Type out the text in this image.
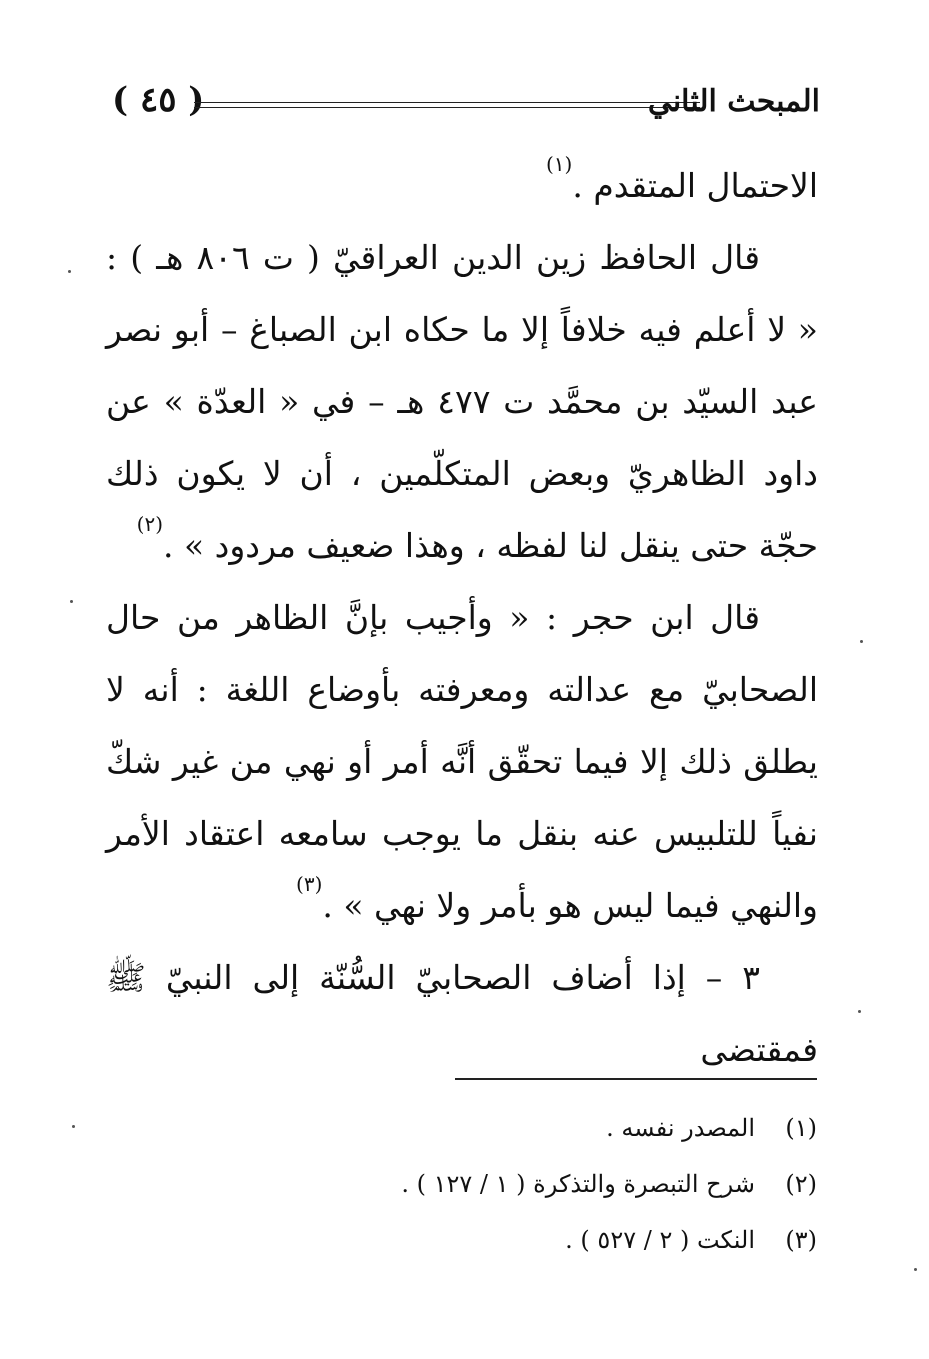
( ٤٥ )	المبحث الثاني

الاحتمال المتقدم .$^{(١)}$

قال الحافظ زين الدين العراقيّ ( ت ٨٠٦ هـ ) : « لا أعلم فيه خلافاً إلا ما حكاه ابن الصباغ – أبو نصر عبد السيّد بن محمَّد ت ٤٧٧ هـ – في « العدّة » عن داود الظاهريّ وبعض المتكلّمين ، أن لا يكون ذلك حجّة حتى ينقل لنا لفظه ، وهذا ضعيف مردود » .$^{(٢)}$

قال ابن حجر : « وأجيب بإنَّ الظاهر من حال الصحابيّ مع عدالته ومعرفته بأوضاع اللغة : أنه لا يطلق ذلك إلا فيما تحقّق أنَّه أمر أو نهي من غير شكّ نفياً للتلبيس عنه بنقل ما يوجب سامعه اعتقاد الأمر والنهي فيما ليس هو بأمر ولا نهي » .$^{(٣)}$

٣ – إذا أضاف الصحابيّ السُّنّة إلى النبيّ ﷺ فمقتضى

(١)المصدر نفسه .
(٢)شرح التبصرة والتذكرة ( ١ / ١٢٧ ) .
(٣)النكت ( ٢ / ٥٢٧ ) .
